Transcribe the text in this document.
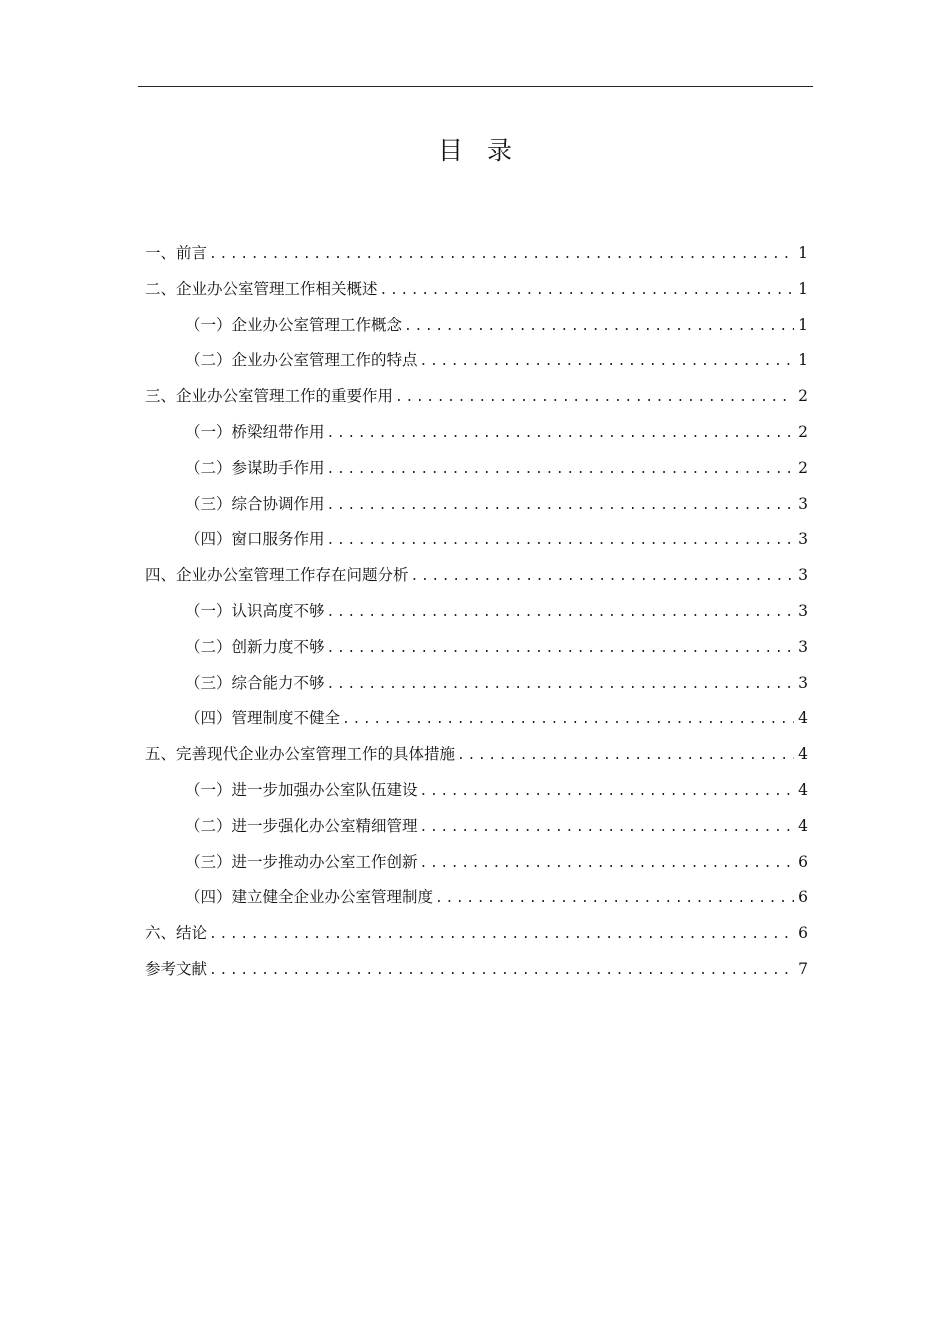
目录
一、前言 .....	1
二、企业办公室管理工作相关概述 .....	1
（一）企业办公室管理工作概念 .....	1
（二）企业办公室管理工作的特点 .....	1
三、企业办公室管理工作的重要作用 .....	2
（一）桥梁纽带作用 .....	2
（二）参谋助手作用 .....	2
（三）综合协调作用 .....	3
（四）窗口服务作用 .....	3
四、企业办公室管理工作存在问题分析 .....	3
（一）认识高度不够 .....	3
（二）创新力度不够 .....	3
（三）综合能力不够 .....	3
（四）管理制度不健全 .....	4
五、完善现代企业办公室管理工作的具体措施 .....	4
（一）进一步加强办公室队伍建设 .....	4
（二）进一步强化办公室精细管理 .....	4
（三）进一步推动办公室工作创新 .....	6
（四）建立健全企业办公室管理制度 .....	6
六、结论 .....	6
参考文献 .....	7
